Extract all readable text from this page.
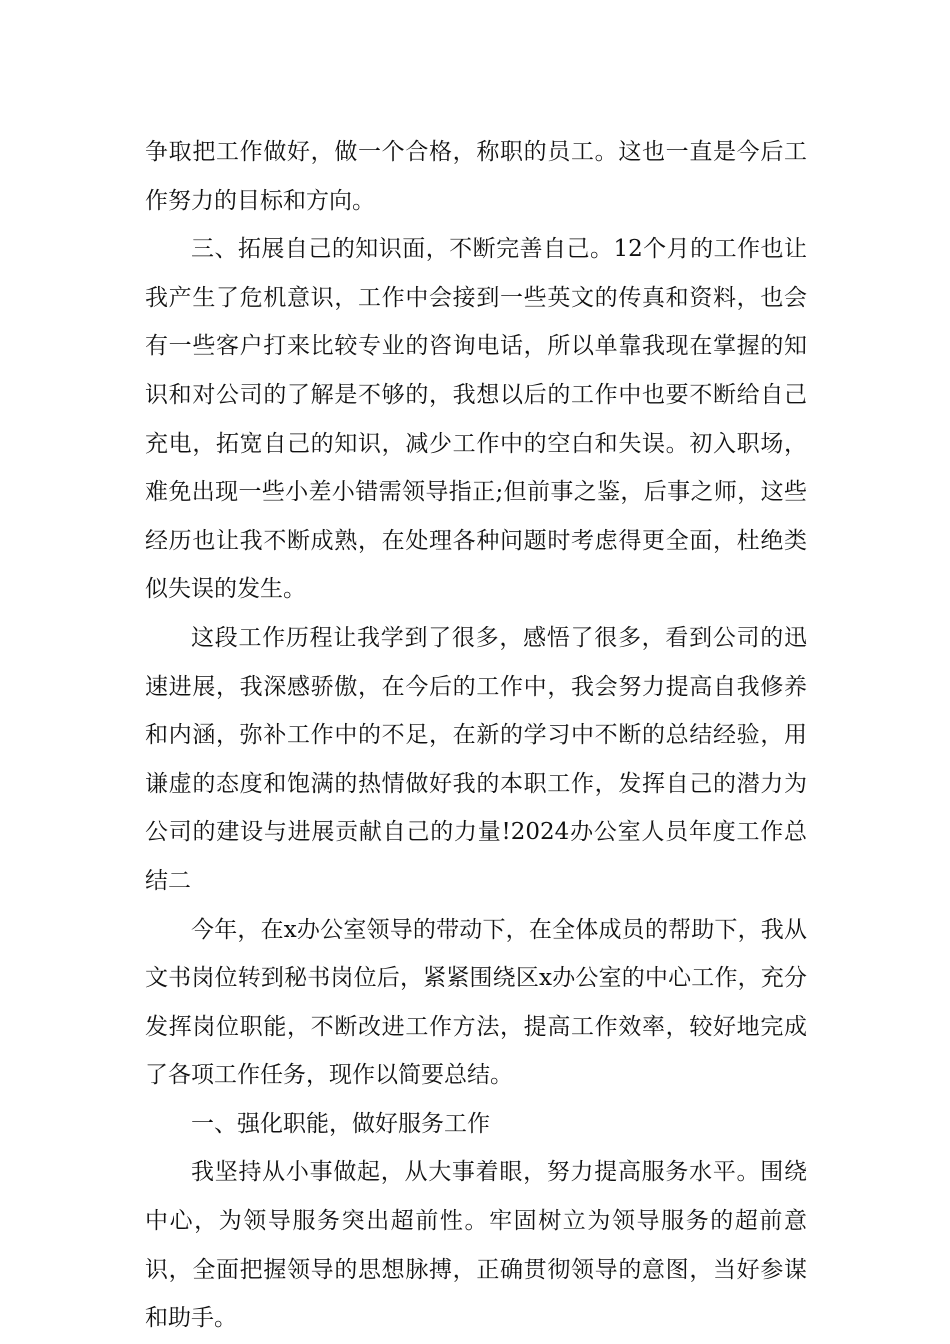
争取把工作做好，做一个合格，称职的员工。这也一直是今后工作努力的目标和方向。

三、拓展自己的知识面，不断完善自己。12个月的工作也让我产生了危机意识，工作中会接到一些英文的传真和资料，也会有一些客户打来比较专业的咨询电话，所以单靠我现在掌握的知识和对公司的了解是不够的，我想以后的工作中也要不断给自己充电，拓宽自己的知识，减少工作中的空白和失误。初入职场，难免出现一些小差小错需领导指正;但前事之鉴，后事之师，这些经历也让我不断成熟，在处理各种问题时考虑得更全面，杜绝类似失误的发生。

这段工作历程让我学到了很多，感悟了很多，看到公司的迅速进展，我深感骄傲，在今后的工作中，我会努力提高自我修养和内涵，弥补工作中的不足，在新的学习中不断的总结经验，用谦虚的态度和饱满的热情做好我的本职工作，发挥自己的潜力为公司的建设与进展贡献自己的力量!2024办公室人员年度工作总结二

今年，在x办公室领导的带动下，在全体成员的帮助下，我从文书岗位转到秘书岗位后，紧紧围绕区x办公室的中心工作，充分发挥岗位职能，不断改进工作方法，提高工作效率，较好地完成了各项工作任务，现作以简要总结。

一、强化职能，做好服务工作

我坚持从小事做起，从大事着眼，努力提高服务水平。围绕中心，为领导服务突出超前性。牢固树立为领导服务的超前意识，全面把握领导的思想脉搏，正确贯彻领导的意图，当好参谋和助手。
